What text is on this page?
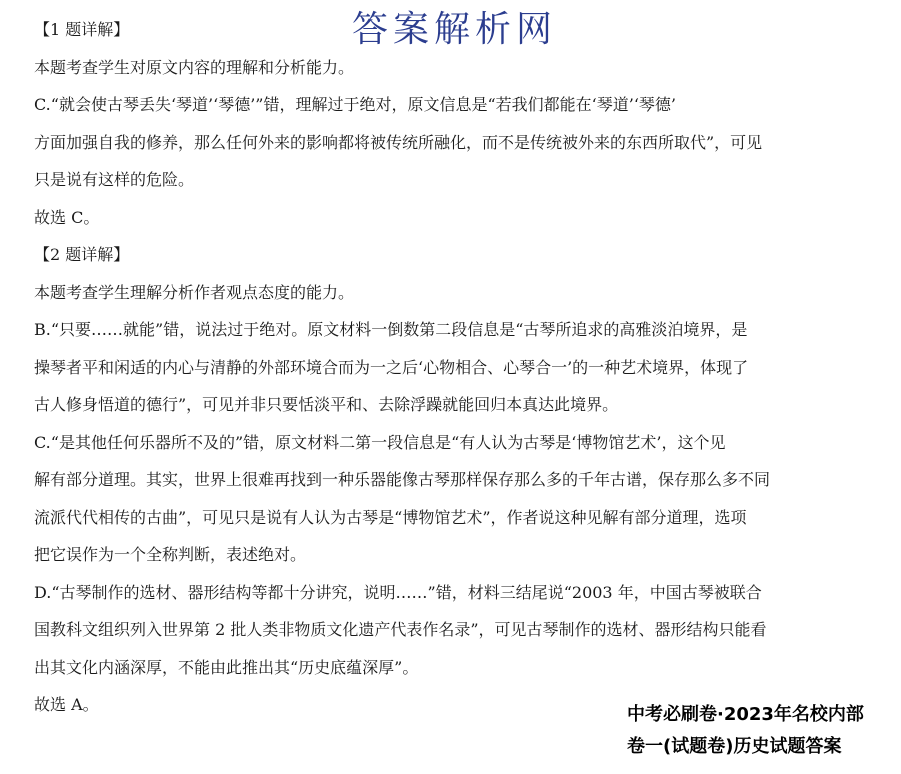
答案解析网
【1 题详解】
本题考查学生对原文内容的理解和分析能力。
C.“就会使古琴丢失‘琴道’‘琴德’”错，理解过于绝对，原文信息是“若我们都能在‘琴道’‘琴德’
方面加强自我的修养，那么任何外来的影响都将被传统所融化，而不是传统被外来的东西所取代”，可见
只是说有这样的危险。
故选 C。
【2 题详解】
本题考查学生理解分析作者观点态度的能力。
B.“只要……就能”错，说法过于绝对。原文材料一倒数第二段信息是“古琴所追求的高雅淡泊境界，是
操琴者平和闲适的内心与清静的外部环境合而为一之后‘心物相合、心琴合一’的一种艺术境界，体现了
古人修身悟道的德行”，可见并非只要恬淡平和、去除浮躁就能回归本真达此境界。
C.“是其他任何乐器所不及的”错，原文材料二第一段信息是“有人认为古琴是‘博物馆艺术’，这个见
解有部分道理。其实，世界上很难再找到一种乐器能像古琴那样保存那么多的千年古谱，保存那么多不同
流派代代相传的古曲”，可见只是说有人认为古琴是“博物馆艺术”，作者说这种见解有部分道理，选项
把它误作为一个全称判断，表述绝对。
D.“古琴制作的选材、器形结构等都十分讲究，说明……”错，材料三结尾说“2003 年，中国古琴被联合
国教科文组织列入世界第 2 批人类非物质文化遗产代表作名录”，可见古琴制作的选材、器形结构只能看
出其文化内涵深厚，不能由此推出其“历史底蕴深厚”。
故选 A。	中考必刷卷·2023年名校内部
卷一(试题卷)历史试题答案
